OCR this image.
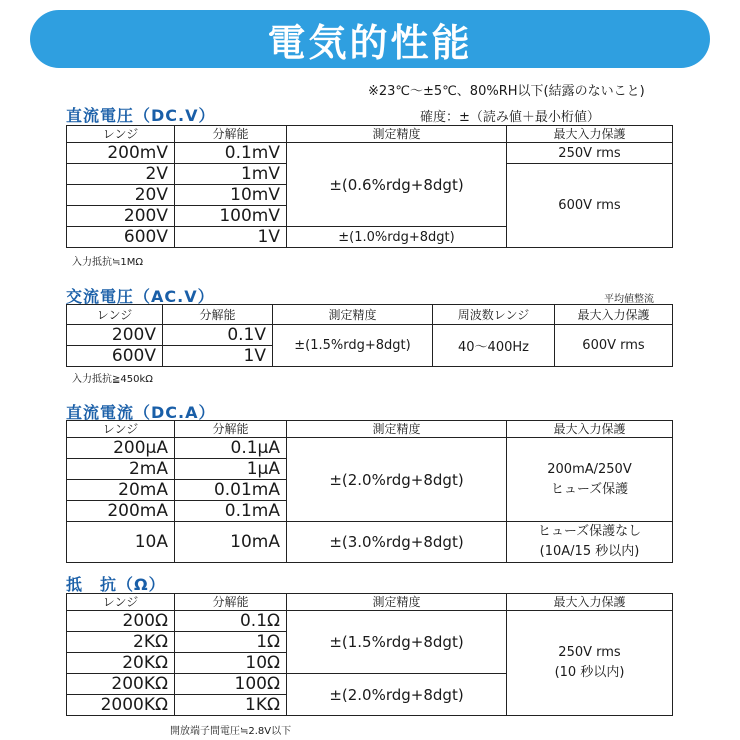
電気的性能
※23℃～±5℃、80%RH以下(結露のないこと)
直流電圧（DC.V）	確度：±（読み値＋最小桁値）
レンジ	分解能	測定精度	最大入力保護
200mV	0.1mV	±(0.6%rdg+8dgt)	250V rms
2V	1mV		600V rms
20V	10mV		
200V	100mV		
600V	1V	±(1.0%rdg+8dgt)	
入力抵抗≒1MΩ
交流電圧（AC.V）	平均値整流
レンジ	分解能	測定精度	周波数レンジ	最大入力保護
200V	0.1V	±(1.5%rdg+8dgt)	40～400Hz	600V rms
600V	1V			
入力抵抗≧450kΩ
直流電流（DC.A）
レンジ	分解能	測定精度	最大入力保護
200μA	0.1μA	±(2.0%rdg+8dgt)	200mA/250V
ヒューズ保護

2mA	1μA		
20mA	0.01mA		
200mA	0.1mA		
10A	10mA	±(3.0%rdg+8dgt)	ヒューズ保護なし
(10A/15 秒以内)
抵　抗（Ω）
レンジ	分解能	測定精度	最大入力保護
200Ω	0.1Ω	±(1.5%rdg+8dgt)	250V rms
(10 秒以内)

2KΩ	1Ω		
20KΩ	10Ω		
200KΩ	100Ω	±(2.0%rdg+8dgt)	
2000KΩ	1KΩ		
開放端子間電圧≒2.8V以下
